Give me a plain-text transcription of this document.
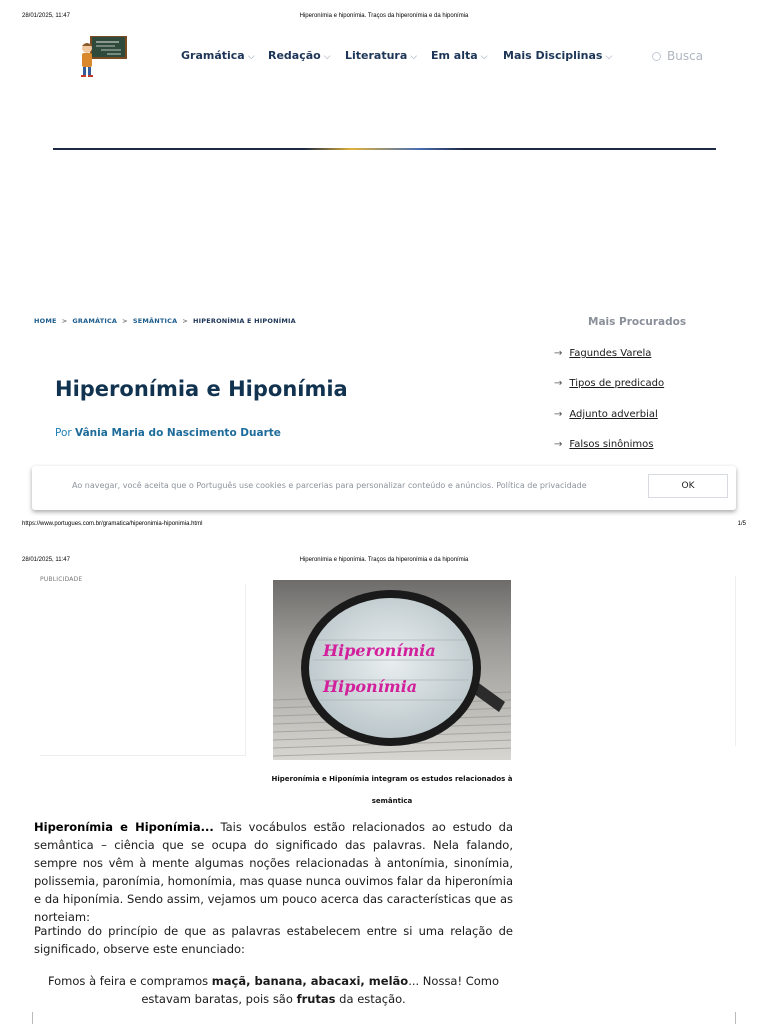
28/01/2025, 11:47	Hiperonímia e hiponímia. Traços da hiperonímia e da hiponímia
Gramática ⌵ Redação ⌵ Literatura ⌵ Em alta ⌵ Mais Disciplinas ⌵	Busca
HOME > GRAMÁTICA > SEMÂNTICA > HIPERONÍMIA E HIPONÍMIA
Hiperonímia e Hiponímia
Por Vânia Maria do Nascimento Duarte
Mais Procurados
→ Fagundes Varela
→ Tipos de predicado
→ Adjunto adverbial
→ Falsos sinônimos
Ao navegar, você aceita que o Português use cookies e parcerias para personalizar conteúdo e anúncios. Política de privacidade	OK
https://www.portugues.com.br/gramatica/hiperonimia-hiponimia.html	1/5
28/01/2025, 11:47	Hiperonímia e hiponímia. Traços da hiperonímia e da hiponímia
PUBLICIDADE
Hiperonímia
Hiponímia
Hiperonímia e Hiponímia integram os estudos relacionados à semântica
Hiperonímia e Hiponímia... Tais vocábulos estão relacionados ao estudo da semântica – ciência que se ocupa do significado das palavras. Nela falando, sempre nos vêm à mente algumas noções relacionadas à antonímia, sinonímia, polissemia, paronímia, homonímia, mas quase nunca ouvimos falar da hiperonímia e da hiponímia. Sendo assim, vejamos um pouco acerca das características que as norteiam:
Partindo do princípio de que as palavras estabelecem entre si uma relação de significado, observe este enunciado:
Fomos à feira e compramos maçã, banana, abacaxi, melão... Nossa! Como estavam baratas, pois são frutas da estação.
